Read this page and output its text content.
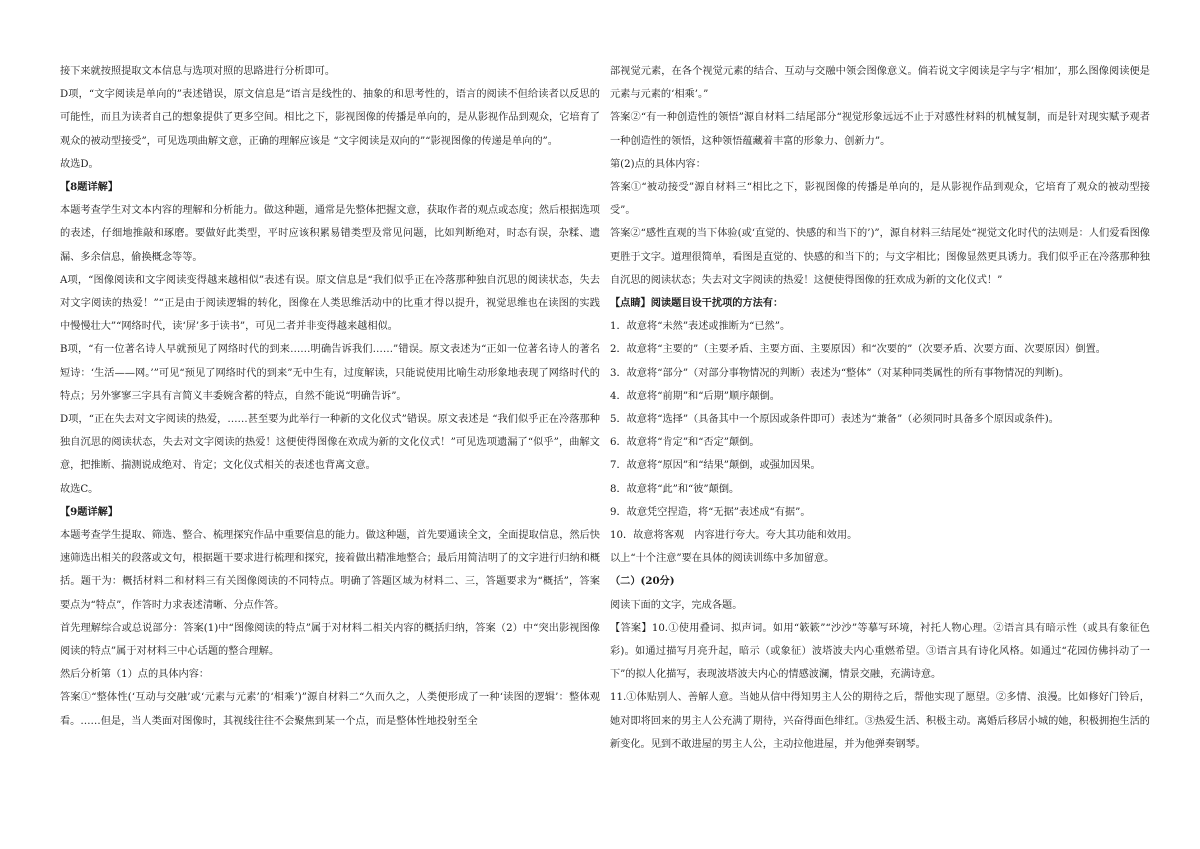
接下来就按照提取文本信息与选项对照的思路进行分析即可。

D项，“文字阅读是单向的”表述错误，原文信息是“语言是线性的、抽象的和思考性的，语言的阅读不但给读者以反思的可能性，而且为读者自己的想象提供了更多空间。相比之下，影视图像的传播是单向的，是从影视作品到观众，它培育了观众的被动型接受”，可见选项曲解文意，正确的理解应该是 “文字阅读是双向的”“影视图像的传递是单向的”。

故选D。

【8题详解】

本题考查学生对文本内容的理解和分析能力。做这种题，通常是先整体把握文意，获取作者的观点或态度；然后根据选项的表述，仔细地推敲和琢磨。要做好此类型，平时应该积累易错类型及常见问题，比如判断绝对，时态有误，杂糅、遗漏、多余信息，偷换概念等等。

A项，“图像阅读和文字阅读变得越来越相似”表述有误。原文信息是“我们似乎正在冷落那种独自沉思的阅读状态，失去对文字阅读的热爱！”“正是由于阅读逻辑的转化，图像在人类思维活动中的比重才得以提升，视觉思维也在读图的实践中慢慢壮大”“网络时代，读‘屏’多于读书”，可见二者并非变得越来越相似。

B项，“有一位著名诗人早就预见了网络时代的到来……明确告诉我们……”错误。原文表述为“正如一位著名诗人的著名短诗：‘生活——网。’”可见“预见了网络时代的到来”无中生有，过度解读，只能说使用比喻生动形象地表现了网络时代的特点；另外寥寥三字具有言简义丰委婉含蓄的特点，自然不能说“明确告诉”。

D项，“正在失去对文字阅读的热爱，……甚至要为此举行一种新的文化仪式”错误。原文表述是 “我们似乎正在冷落那种独自沉思的阅读状态，失去对文字阅读的热爱！这便使得图像在欢成为新的文化仪式！”可见选项遗漏了“似乎”，曲解文意，把推断、揣测说成绝对、肯定；文化仪式相关的表述也背离文意。

故选C。

【9题详解】

本题考查学生提取、筛选、整合、梳理探究作品中重要信息的能力。做这种题，首先要通读全文，全面提取信息，然后快速筛选出相关的段落或文句，根据题干要求进行梳理和探究，接着做出精准地整合；最后用简洁明了的文字进行归纳和概括。题干为：概括材料二和材料三有关图像阅读的不同特点。明确了答题区域为材料二、三，答题要求为“概括”，答案要点为“特点”，作答时力求表述清晰、分点作答。

首先理解综合或总说部分：答案(1)中“图像阅读的特点”属于对材料二相关内容的概括归纳，答案（2）中“突出影视图像阅读的特点”属于对材料三中心话题的整合理解。

然后分析第（1）点的具体内容：

答案①“整体性(‘互动与交融’或‘元素与元素’的‘相乘’)”源自材料二“久而久之，人类便形成了一种‘读图的逻辑’：整体观看。……但是，当人类面对图像时，其视线往往不会聚焦到某一个点，而是整体性地投射至全

部视觉元素，在各个视觉元素的结合、互动与交融中领会图像意义。倘若说文字阅读是字与字‘相加’，那么图像阅读便是元素与元素的‘相乘’。”

答案②“有一种创造性的领悟”源自材料二结尾部分“视觉形象远远不止于对感性材料的机械复制，而是针对现实赋予观者一种创造性的领悟，这种领悟蕴藏着丰富的形象力、创新力”。

第(2)点的具体内容：

答案①“被动接受”源自材料三“相比之下，影视图像的传播是单向的，是从影视作品到观众，它培育了观众的被动型接受”。

答案②“感性直观的当下体验(或‘直觉的、快感的和当下的’)”，源自材料三结尾处“视觉文化时代的法则是：人们爱看图像更胜于文字。道理很简单，看图是直觉的、快感的和当下的；与文字相比；图像显然更具诱力。我们似乎正在冷落那种独自沉思的阅读状态；失去对文字阅读的热爱！这便使得图像的狂欢成为新的文化仪式！”

【点睛】阅读题目设干扰项的方法有：

1．故意将“未然”表述或推断为“已然”。

2．故意将“主要的”（主要矛盾、主要方面、主要原因）和“次要的”（次要矛盾、次要方面、次要原因）倒置。

3．故意将“部分”（对部分事物情况的判断）表述为“整体”（对某种同类属性的所有事物情况的判断)。

4．故意将“前期”和“后期”顺序颠倒。

5．故意将“选择”（具备其中一个原因或条件即可）表述为“兼备”（必须同时具备多个原因或条件)。

6．故意将“肯定”和“否定”颠倒。

7．故意将“原因”和“结果”颠倒，或强加因果。

8．故意将“此”和“彼”颠倒。

9．故意凭空捏造，将“无据”表述成“有据”。

10．故意将客观　内容进行夸大。夸大其功能和效用。

以上“十个注意”要在具体的阅读训练中多加留意。

（二）(20分)

阅读下面的文字，完成各题。

【答案】10.①使用叠词、拟声词。如用“簌簌”“沙沙”等摹写环境，衬托人物心理。②语言具有暗示性（或具有象征色彩)。如通过描写月亮升起，暗示（或象征）波塔波夫内心重燃希望。③语言具有诗化风格。如通过“花园仿佛抖动了一下”的拟人化描写，表现波塔波夫内心的情感波澜，情景交融，充满诗意。

11.①体贴别人、善解人意。当她从信中得知男主人公的期待之后，帮他实现了愿望。②多情、浪漫。比如修好门铃后，她对即将回来的男主人公充满了期待，兴奋得面色绯红。③热爱生活、积极主动。离婚后移居小城的她，积极拥抱生活的新变化。见到不敢进屋的男主人公，主动拉他进屋，并为他弹奏钢琴。
